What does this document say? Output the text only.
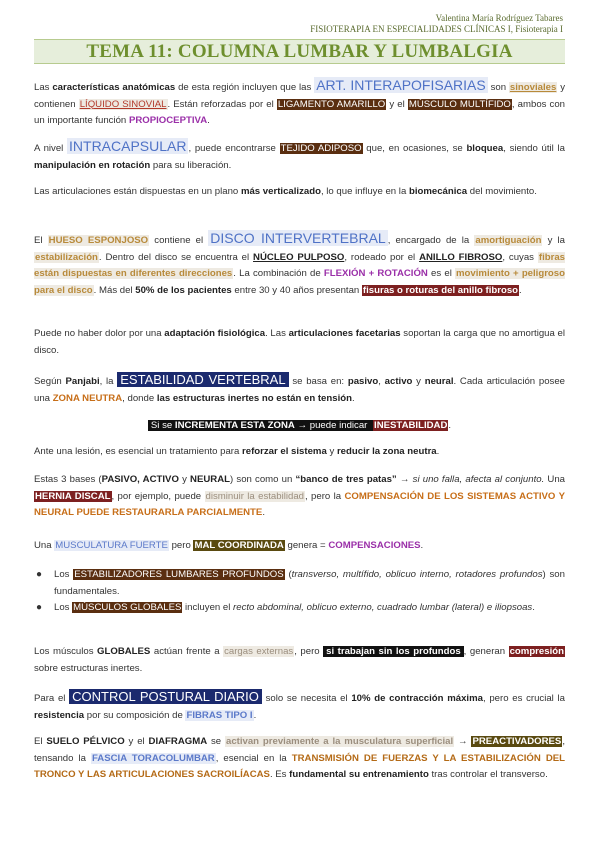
Valentina María Rodríguez Tabares
FISIOTERAPIA EN ESPECIALIDADES CLÍNICAS I, Fisioterapia I
TEMA 11: COLUMNA LUMBAR Y LUMBALGIA
Las características anatómicas de esta región incluyen que las ART. INTERAPOFISARIAS son sinoviales y contienen LÍQUIDO SINOVIAL. Están reforzadas por el LIGAMENTO AMARILLO y el MÚSCULO MULTÍFIDO, ambos con un importante función PROPIOCEPTIVA.
A nivel INTRACAPSULAR , puede encontrarse TEJIDO ADIPOSO que, en ocasiones, se bloquea, siendo útil la manipulación en rotación para su liberación.
Las articulaciones están dispuestas en un plano más verticalizado, lo que influye en la biomecánica del movimiento.
El HUESO ESPONJOSO contiene el DISCO INTERVERTEBRAL , encargado de la amortiguación y la estabilización. Dentro del disco se encuentra el NÚCLEO PULPOSO, rodeado por el ANILLO FIBROSO, cuyas fibras están dispuestas en diferentes direcciones. La combinación de FLEXIÓN + ROTACIÓN es el movimiento + peligroso para el disco. Más del 50% de los pacientes entre 30 y 40 años presentan fisuras o roturas del anillo fibroso.
Puede no haber dolor por una adaptación fisiológica. Las articulaciones facetarias soportan la carga que no amortigua el disco.
Según Panjabi, la ESTABILIDAD VERTEBRAL se basa en: pasivo, activo y neural. Cada articulación posee una ZONA NEUTRA, donde las estructuras inertes no están en tensión.
Si se INCREMENTA ESTA ZONA → puede indicar INESTABILIDAD.
Ante una lesión, es esencial un tratamiento para reforzar el sistema y reducir la zona neutra.
Estas 3 bases (PASIVO, ACTIVO y NEURAL) son como un “banco de tres patas” → si uno falla, afecta al conjunto. Una HERNIA DISCAL, por ejemplo, puede disminuir la estabilidad, pero la COMPENSACIÓN DE LOS SISTEMAS ACTIVO Y NEURAL PUEDE RESTAURARLA PARCIALMENTE.
Una MUSCULATURA FUERTE pero MAL COORDINADA genera = COMPENSACIONES.
● Los ESTABILIZADORES LUMBARES PROFUNDOS (transverso, multífido, oblicuo interno, rotadores profundos) son fundamentales.
● Los MÚSCULOS GLOBALES incluyen el recto abdominal, oblicuo externo, cuadrado lumbar (lateral) e iliopsoas.
Los músculos GLOBALES actúan frente a cargas externas, pero si trabajan sin los profundos , generan compresión sobre estructuras inertes.
Para el CONTROL POSTURAL DIARIO solo se necesita el 10% de contracción máxima, pero es crucial la resistencia por su composición de FIBRAS TIPO I.
El SUELO PÉLVICO y el DIAFRAGMA se activan previamente a la musculatura superficial → PREACTIVADORES, tensando la FASCIA TORACOLUMBAR, esencial en la TRANSMISIÓN DE FUERZAS Y LA ESTABILIZACIÓN DEL TRONCO Y LAS ARTICULACIONES SACROILÍACAS. Es fundamental su entrenamiento tras controlar el transverso.
